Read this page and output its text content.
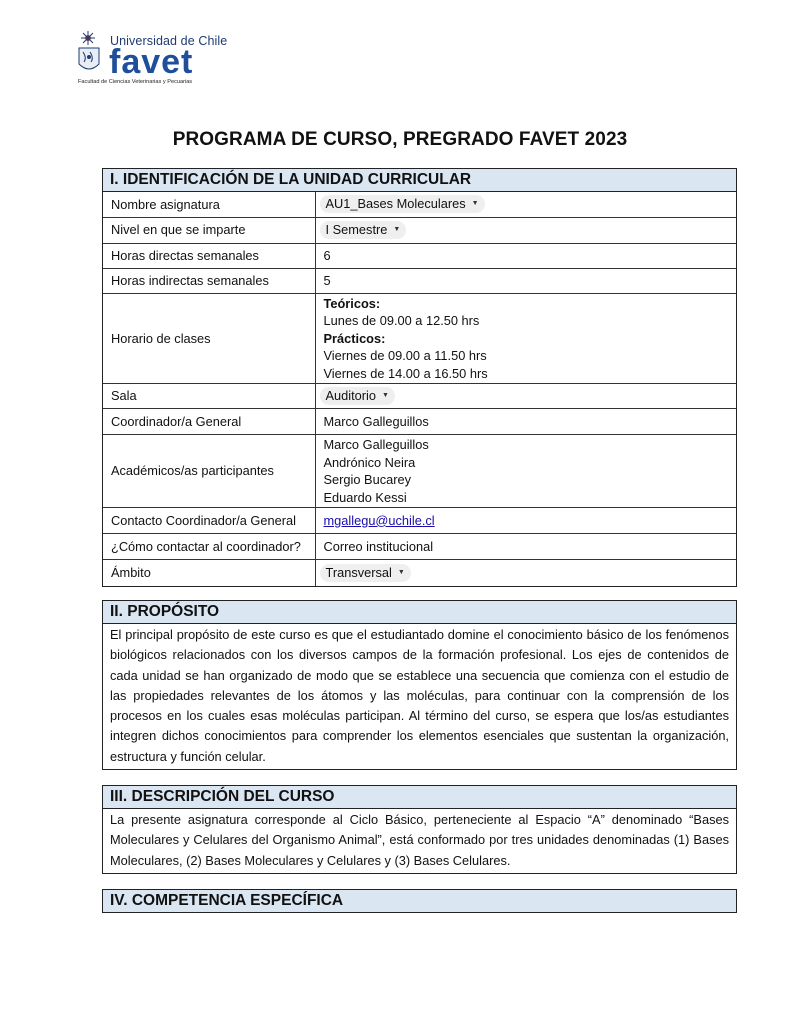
Universidad de Chile
favet
Facultad de Ciencias Veterinarias y Pecuarias
PROGRAMA DE CURSO, PREGRADO FAVET 2023
I. IDENTIFICACIÓN DE LA UNIDAD CURRICULAR
Nombre asignatura	AU1_Bases Moleculares ▼

Nivel en que se imparte	I Semestre ▼

Horas directas semanales	6
Horas indirectas semanales	5
Horario de clases	Teóricos:
Lunes de 09.00 a 12.50 hrs
Prácticos:
Viernes de 09.00 a 11.50 hrs
Viernes de 14.00 a 16.50 hrs

Sala	Auditorio ▼

Coordinador/a General	Marco Galleguillos
Académicos/as participantes	Marco Galleguillos
Andrónico Neira
Sergio Bucarey
Eduardo Kessi

Contacto Coordinador/a General	mgallegu@uchile.cl
¿Cómo contactar al coordinador?	Correo institucional
Ámbito	Transversal ▼
II. PROPÓSITO
El principal propósito de este curso es que el estudiantado domine el conocimiento básico de los fenómenos biológicos relacionados con los diversos campos de la formación profesional. Los ejes de contenidos de cada unidad se han organizado de modo que se establece una secuencia que comienza con el estudio de las propiedades relevantes de los átomos y las moléculas, para continuar con la comprensión de los procesos en los cuales esas moléculas participan. Al término del curso, se espera que los/as estudiantes integren dichos conocimientos para comprender los elementos esenciales que sustentan la organización, estructura y función celular.
III. DESCRIPCIÓN DEL CURSO
La presente asignatura corresponde al Ciclo Básico, perteneciente al Espacio “A” denominado “Bases Moleculares y Celulares del Organismo Animal”, está conformado por tres unidades denominadas (1) Bases Moleculares, (2) Bases Moleculares y Celulares y (3) Bases Celulares.
IV. COMPETENCIA ESPECÍFICA
